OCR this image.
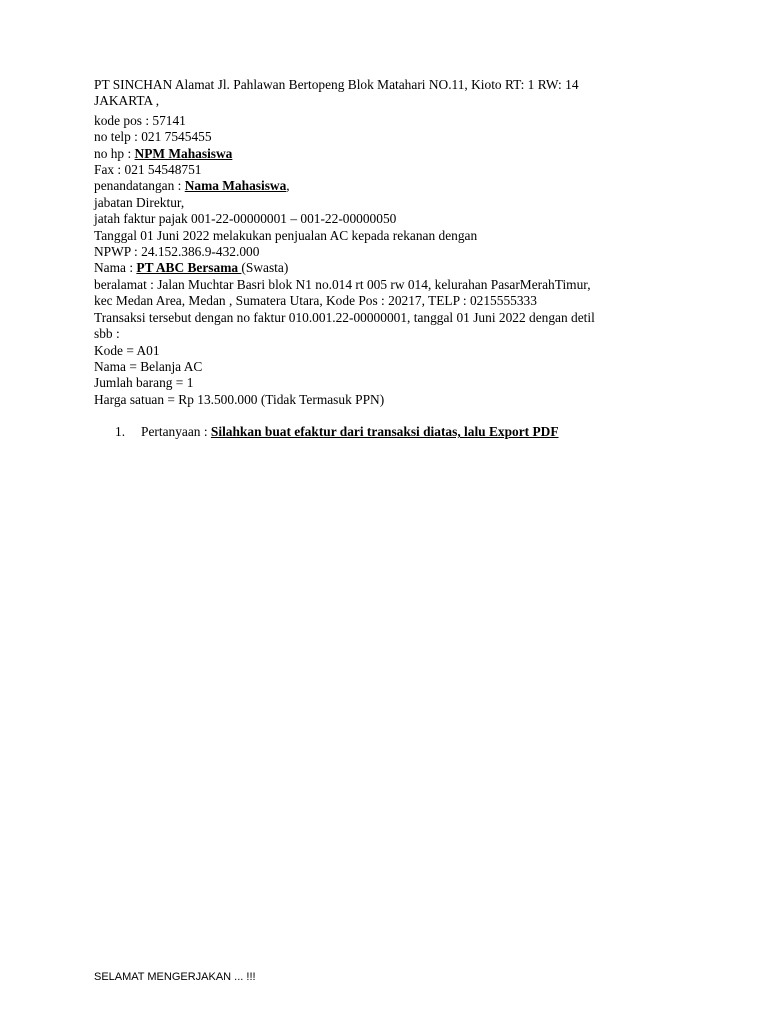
PT SINCHAN Alamat Jl. Pahlawan Bertopeng Blok Matahari NO.11, Kioto RT: 1 RW: 14
JAKARTA ,
kode pos : 57141
no telp : 021 7545455
no hp : NPM Mahasiswa
Fax : 021 54548751
penandatangan : Nama Mahasiswa,
jabatan Direktur,
jatah faktur pajak 001-22-00000001 – 001-22-00000050
Tanggal 01 Juni 2022 melakukan penjualan AC kepada rekanan dengan
NPWP : 24.152.386.9-432.000
Nama : PT ABC Bersama (Swasta)
beralamat : Jalan Muchtar Basri blok N1 no.014 rt 005 rw 014, kelurahan PasarMerahTimur,
kec Medan Area, Medan , Sumatera Utara, Kode Pos : 20217, TELP : 0215555333
Transaksi tersebut dengan no faktur 010.001.22-00000001, tanggal 01 Juni 2022 dengan detil
sbb :
Kode = A01
Nama = Belanja AC
Jumlah barang = 1
Harga satuan = Rp 13.500.000 (Tidak Termasuk PPN)
1. Pertanyaan : Silahkan buat efaktur dari transaksi diatas, lalu Export PDF
SELAMAT MENGERJAKAN ... !!!
